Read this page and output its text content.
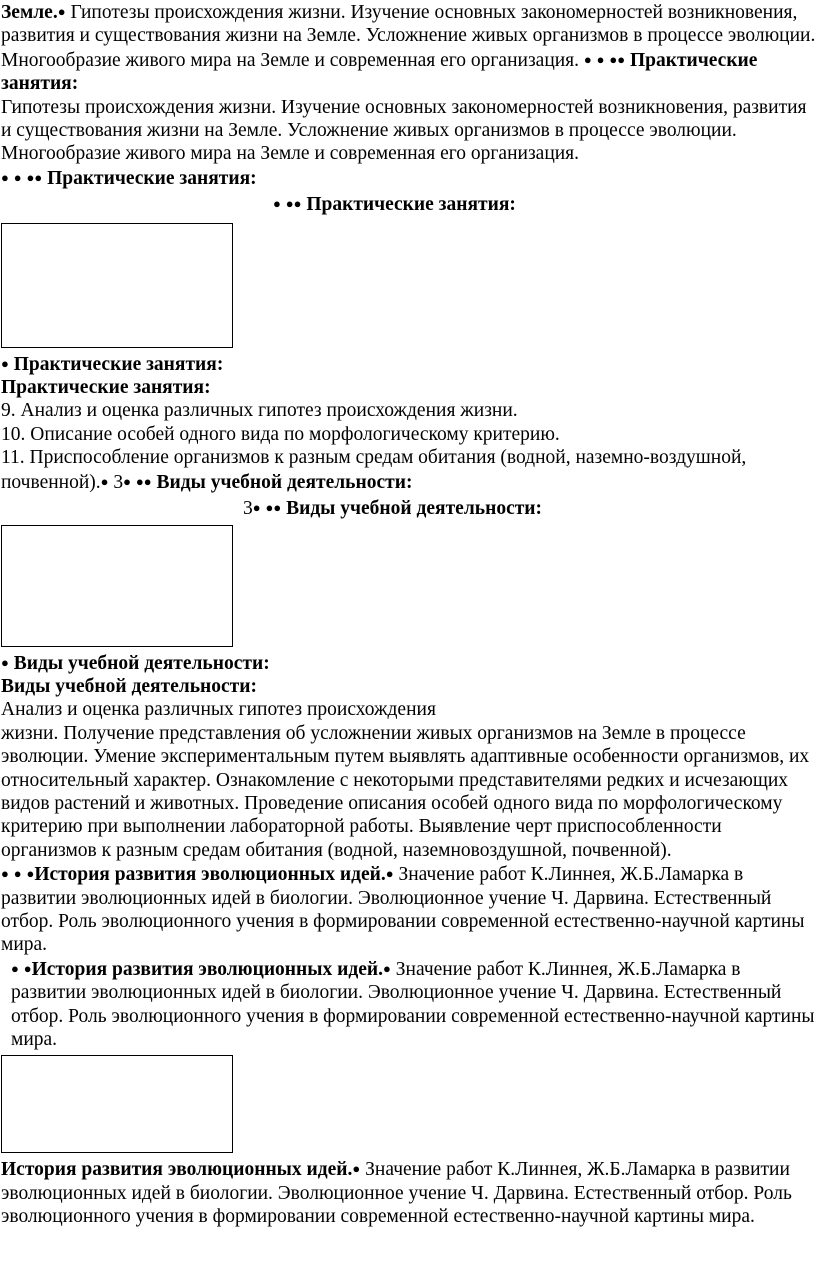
Земле.● Гипотезы происхождения жизни. Изучение основных закономерностей возникновения, развития и существования жизни на Земле. Усложнение живых организмов в процессе эволюции. Многообразие живого мира на Земле и современная его организация. ● ● ●● Практические занятия:

Гипотезы происхождения жизни. Изучение основных закономерностей возникновения, развития и существования жизни на Земле. Усложнение живых организмов в процессе эволюции. Многообразие живого мира на Земле и современная его организация.

● ● ●● Практические занятия:

● ●● Практические занятия:

● Практические занятия:

Практические занятия:

9. Анализ и оценка различных гипотез происхождения жизни.

10. Описание особей одного вида по морфологическому критерию.

11. Приспособление организмов к разным средам обитания (водной, наземно-воздушной, почвенной).● 3● ●● Виды учебной деятельности:

3● ●● Виды учебной деятельности:

● Виды учебной деятельности:

Виды учебной деятельности:

Анализ и оценка различных гипотез происхождения

жизни. Получение представления об усложнении живых организмов на Земле в процессе эволюции. Умение экспериментальным путем выявлять адаптивные особенности организмов, их относительный характер. Ознакомление с некоторыми представителями редких и исчезающих видов растений и животных. Проведение описания особей одного вида по морфологическому критерию при выполнении лабораторной работы. Выявление черт приспособленности организмов к разным средам обитания (водной, наземновоздушной, почвенной).

● ● ●История развития эволюционных идей.● Значение работ К.Линнея, Ж.Б.Ламарка в развитии эволюционных идей в биологии. Эволюционное учение Ч. Дарвина. Естественный отбор. Роль эволюционного учения в формировании современной естественно-научной картины мира.

● ●История развития эволюционных идей.● Значение работ К.Линнея, Ж.Б.Ламарка в развитии эволюционных идей в биологии. Эволюционное учение Ч. Дарвина. Естественный отбор. Роль эволюционного учения в формировании современной естественно-научной картины мира.

История развития эволюционных идей.● Значение работ К.Линнея, Ж.Б.Ламарка в развитии эволюционных идей в биологии. Эволюционное учение Ч. Дарвина. Естественный отбор. Роль эволюционного учения в формировании современной естественно-научной картины мира.
